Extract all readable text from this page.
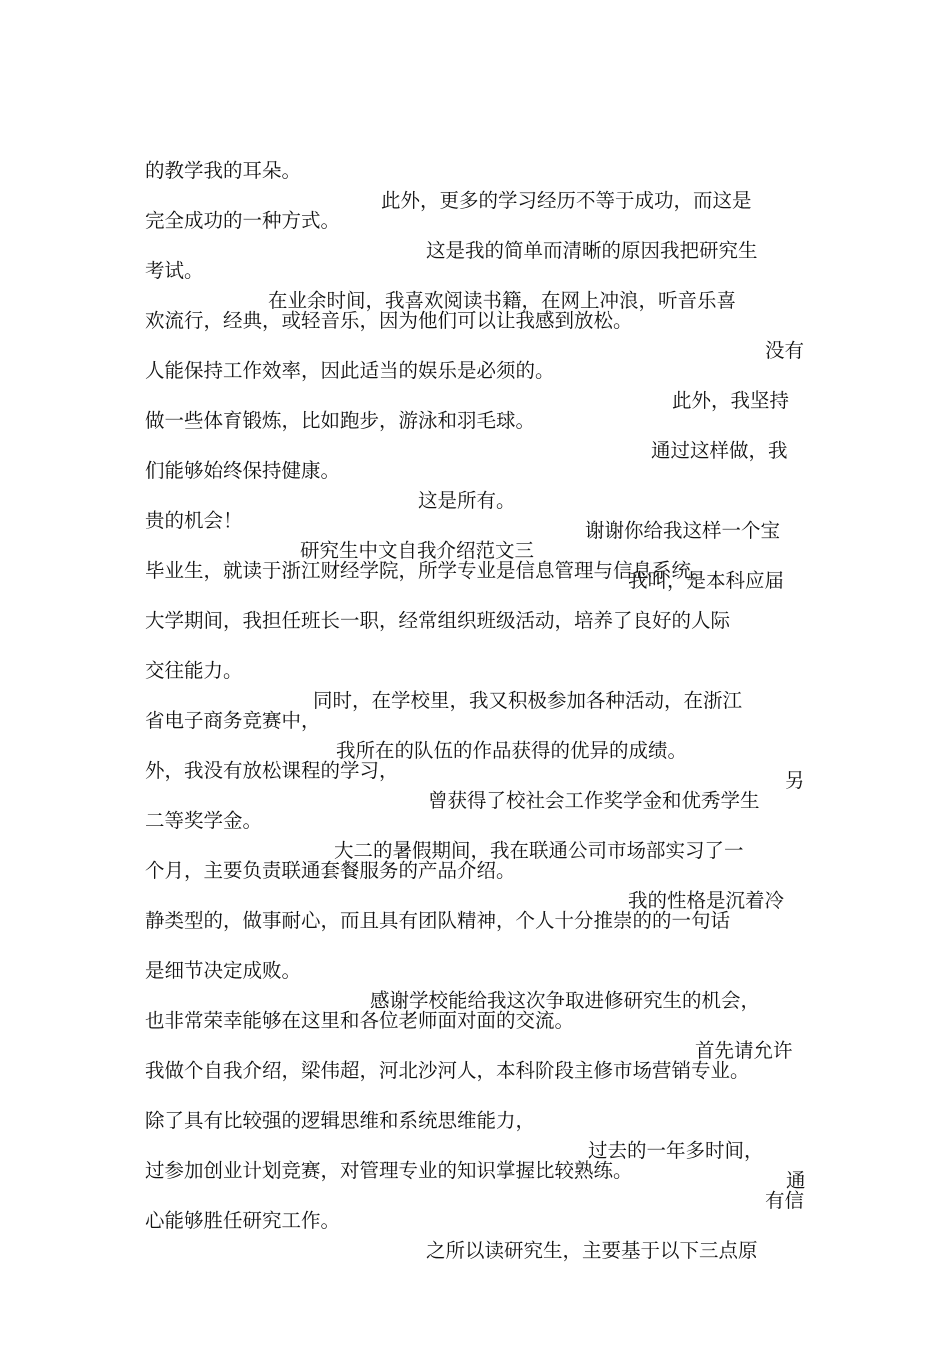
的教学我的耳朵。

此外，更多的学习经历不等于成功，而这是

完全成功的一种方式。

这是我的简单而清晰的原因我把研究生

考试。

在业余时间，我喜欢阅读书籍，在网上冲浪，听音乐喜

欢流行，经典，或轻音乐，因为他们可以让我感到放松。

没有

人能保持工作效率，因此适当的娱乐是必须的。

此外，我坚持

做一些体育锻炼，比如跑步，游泳和羽毛球。

通过这样做，我

们能够始终保持健康。

这是所有。

谢谢你给我这样一个宝

贵的机会！

研究生中文自我介绍范文三

我叫，是本科应届

毕业生，就读于浙江财经学院，所学专业是信息管理与信息系统。

大学期间，我担任班长一职，经常组织班级活动，培养了良好的人际

交往能力。

同时，在学校里，我又积极参加各种活动，在浙江

省电子商务竞赛中，

我所在的队伍的作品获得的优异的成绩。

另

外，我没有放松课程的学习，

曾获得了校社会工作奖学金和优秀学生

二等奖学金。

大二的暑假期间，我在联通公司市场部实习了一

个月，主要负责联通套餐服务的产品介绍。

我的性格是沉着冷

静类型的，做事耐心，而且具有团队精神，个人十分推崇的的一句话

是细节决定成败。

感谢学校能给我这次争取进修研究生的机会，

也非常荣幸能够在这里和各位老师面对面的交流。

首先请允许

我做个自我介绍，梁伟超，河北沙河人，本科阶段主修市场营销专业。

除了具有比较强的逻辑思维和系统思维能力，

过去的一年多时间，

通

过参加创业计划竞赛，对管理专业的知识掌握比较熟练。

有信

心能够胜任研究工作。

之所以读研究生，主要基于以下三点原
